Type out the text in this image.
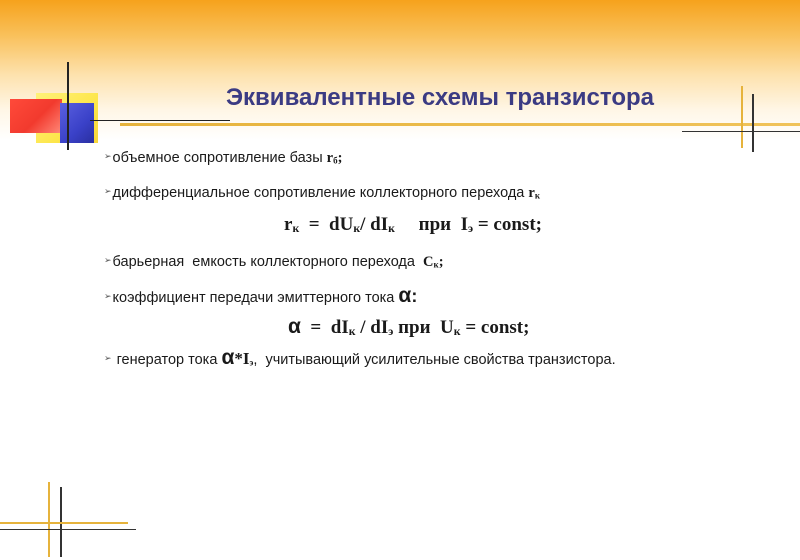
Эквивалентные схемы транзистора
➢объемное сопротивление базы rб;
➢дифференциальное сопротивление коллекторного перехода rк
rк  =  dUк/ dIк     при  Iэ = const;
➢барьерная  емкость коллекторного перехода  Cк;
➢коэффициент передачи эмиттерного тока α:
α  =  dIк / dIэ при  Uк = const;
➢ генератор тока α*Iэ,  учитывающий усилительные свойства транзистора.
